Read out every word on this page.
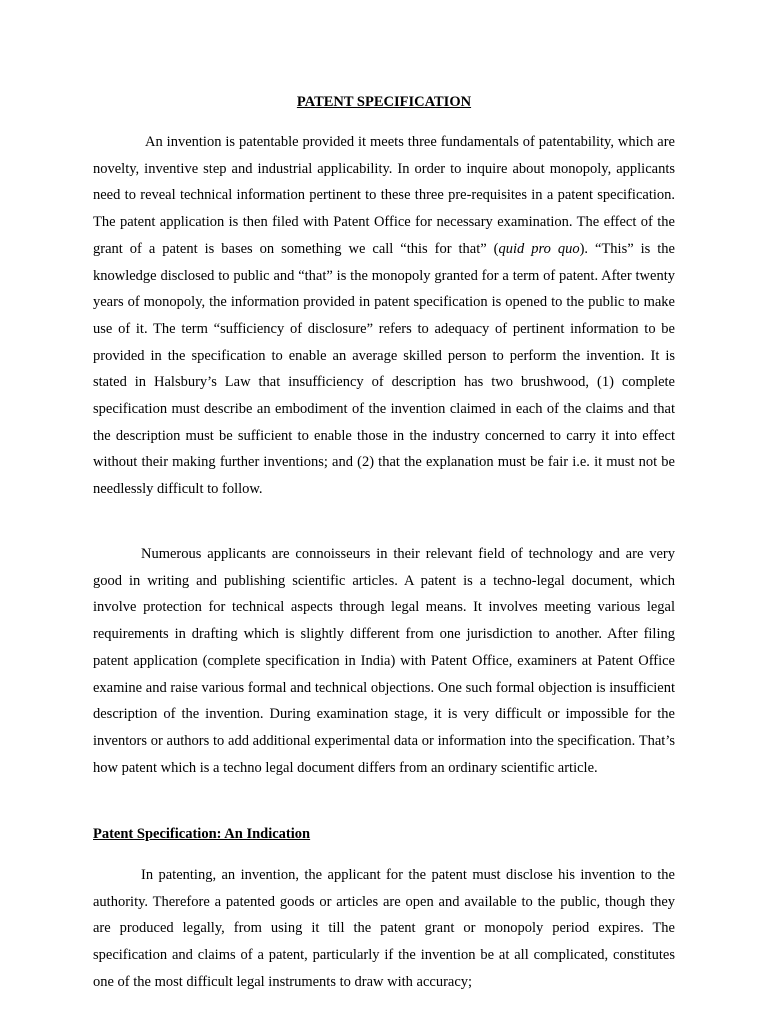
PATENT SPECIFICATION

An invention is patentable provided it meets three fundamentals of patentability, which are novelty, inventive step and industrial applicability. In order to inquire about monopoly, applicants need to reveal technical information pertinent to these three pre-requisites in a patent specification. The patent application is then filed with Patent Office for necessary examination. The effect of the grant of a patent is bases on something we call “this for that” (quid pro quo). “This” is the knowledge disclosed to public and “that” is the monopoly granted for a term of patent. After twenty years of monopoly, the information provided in patent specification is opened to the public to make use of it. The term “sufficiency of disclosure” refers to adequacy of pertinent information to be provided in the specification to enable an average skilled person to perform the invention. It is stated in Halsbury’s Law that insufficiency of description has two brushwood, (1) complete specification must describe an embodiment of the invention claimed in each of the claims and that the description must be sufficient to enable those in the industry concerned to carry it into effect without their making further inventions; and (2) that the explanation must be fair i.e. it must not be needlessly difficult to follow.

Numerous applicants are connoisseurs in their relevant field of technology and are very good in writing and publishing scientific articles. A patent is a techno-legal document, which involve protection for technical aspects through legal means. It involves meeting various legal requirements in drafting which is slightly different from one jurisdiction to another. After filing patent application (complete specification in India) with Patent Office, examiners at Patent Office examine and raise various formal and technical objections. One such formal objection is insufficient description of the invention. During examination stage, it is very difficult or impossible for the inventors or authors to add additional experimental data or information into the specification. That’s how patent which is a techno legal document differs from an ordinary scientific article.

Patent Specification: An Indication

In patenting, an invention, the applicant for the patent must disclose his invention to the authority. Therefore a patented goods or articles are open and available to the public, though they are produced legally, from using it till the patent grant or monopoly period expires. The specification and claims of a patent, particularly if the invention be at all complicated, constitutes one of the most difficult legal instruments to draw with accuracy;
